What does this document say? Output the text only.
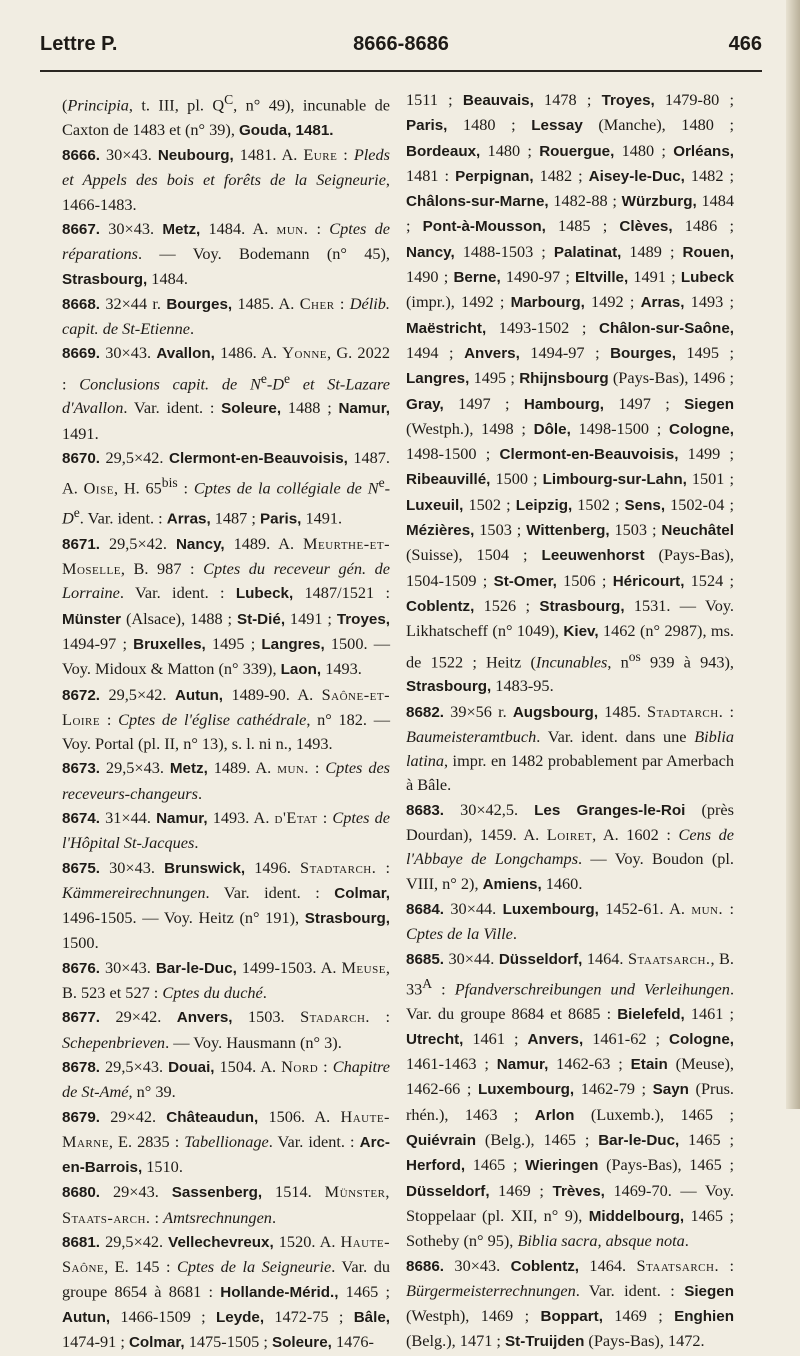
Lettre P.	8666-8686	466

(Principia, t. III, pl. $Q^C$, n° 49), incunable de Caxton de 1483 et (n° 39), Gouda, 1481.

8666. 30×43. Neubourg, 1481. A. Eure : Pleds et Appels des bois et forêts de la Seigneurie, 1466-1483.

8667. 30×43. Metz, 1484. A. mun. : Cptes de réparations. — Voy. Bodemann (n° 45), Strasbourg, 1484.

8668. 32×44 r. Bourges, 1485. A. Cher : Délib. capit. de St-Etienne.

8669. 30×43. Avallon, 1486. A. Yonne, G. 2022 : Conclusions capit. de $N^e-De$ et St-Lazare d'Avallon. Var. ident. : Soleure, 1488 ; Namur, 1491.

8670. 29,5×42. Clermont-en-Beauvoisis, 1487. A. Oise, H. $65^{bis}$ : Cptes de la collégiale de $N^e-De$. Var. ident. : Arras, 1487 ; Paris, 1491.

8671. 29,5×42. Nancy, 1489. A. Meurthe-et-Moselle, B. 987 : Cptes du receveur gén. de Lorraine. Var. ident. : Lubeck, 1487/1521 : Münster (Alsace), 1488 ; St-Dié, 1491 ; Troyes, 1494-97 ; Bruxelles, 1495 ; Langres, 1500. — Voy. Midoux & Matton (n° 339), Laon, 1493.

8672. 29,5×42. Autun, 1489-90. A. Saône-et-Loire : Cptes de l'église cathédrale, n° 182. — Voy. Portal (pl. II, n° 13), s. l. ni n., 1493.

8673. 29,5×43. Metz, 1489. A. mun. : Cptes des receveurs-changeurs.

8674. 31×44. Namur, 1493. A. d'Etat : Cptes de l'Hôpital St-Jacques.

8675. 30×43. Brunswick, 1496. Stadtarch. : Kämmereirechnungen. Var. ident. : Colmar, 1496-1505. — Voy. Heitz (n° 191), Strasbourg, 1500.

8676. 30×43. Bar-le-Duc, 1499-1503. A. Meuse, B. 523 et 527 : Cptes du duché.

8677. 29×42. Anvers, 1503. Stadarch. : Schepenbrieven. — Voy. Hausmann (n° 3).

8678. 29,5×43. Douai, 1504. A. Nord : Chapitre de St-Amé, n° 39.

8679. 29×42. Châteaudun, 1506. A. Haute-Marne, E. 2835 : Tabellionage. Var. ident. : Arc-en-Barrois, 1510.

8680. 29×43. Sassenberg, 1514. Münster, Staats-arch. : Amtsrechnungen.

8681. 29,5×42. Vellechevreux, 1520. A. Haute-Saône, E. 145 : Cptes de la Seigneurie. Var. du groupe 8654 à 8681 : Hollande-Mérid., 1465 ; Autun, 1466-1509 ; Leyde, 1472-75 ; Bâle, 1474-91 ; Colmar, 1475-1505 ; Soleure, 1476-

1511 ; Beauvais, 1478 ; Troyes, 1479-80 ; Paris, 1480 ; Lessay (Manche), 1480 ; Bordeaux, 1480 ; Rouergue, 1480 ; Orléans, 1481 : Perpignan, 1482 ; Aisey-le-Duc, 1482 ; Châlons-sur-Marne, 1482-88 ; Würzburg, 1484 ; Pont-à-Mousson, 1485 ; Clèves, 1486 ; Nancy, 1488-1503 ; Palatinat, 1489 ; Rouen, 1490 ; Berne, 1490-97 ; Eltville, 1491 ; Lubeck (impr.), 1492 ; Marbourg, 1492 ; Arras, 1493 ; Maëstricht, 1493-1502 ; Châlon-sur-Saône, 1494 ; Anvers, 1494-97 ; Bourges, 1495 ; Langres, 1495 ; Rhijnsbourg (Pays-Bas), 1496 ; Gray, 1497 ; Hambourg, 1497 ; Siegen (Westph.), 1498 ; Dôle, 1498-1500 ; Cologne, 1498-1500 ; Clermont-en-Beauvoisis, 1499 ; Ribeauvillé, 1500 ; Limbourg-sur-Lahn, 1501 ; Luxeuil, 1502 ; Leipzig, 1502 ; Sens, 1502-04 ; Mézières, 1503 ; Wittenberg, 1503 ; Neuchâtel (Suisse), 1504 ; Leeuwenhorst (Pays-Bas), 1504-1509 ; St-Omer, 1506 ; Héricourt, 1524 ; Coblentz, 1526 ; Strasbourg, 1531. — Voy. Likhatscheff (n° 1049), Kiev, 1462 (n° 2987), ms. de 1522 ; Heitz (Incunables, $n^{os}$ 939 à 943), Strasbourg, 1483-95.

8682. 39×56 r. Augsbourg, 1485. Stadtarch. : Baumeisteramtbuch. Var. ident. dans une Biblia latina, impr. en 1482 probablement par Amerbach à Bâle.

8683. 30×42,5. Les Granges-le-Roi (près Dourdan), 1459. A. Loiret, A. 1602 : Cens de l'Abbaye de Longchamps. — Voy. Boudon (pl. VIII, n° 2), Amiens, 1460.

8684. 30×44. Luxembourg, 1452-61. A. mun. : Cptes de la Ville.

8685. 30×44. Düsseldorf, 1464. Staatsarch., B. $33^A$ : Pfandverschreibungen und Verleihungen. Var. du groupe 8684 et 8685 : Bielefeld, 1461 ; Utrecht, 1461 ; Anvers, 1461-62 ; Cologne, 1461-1463 ; Namur, 1462-63 ; Etain (Meuse), 1462-66 ; Luxembourg, 1462-79 ; Sayn (Prus. rhén.), 1463 ; Arlon (Luxemb.), 1465 ; Quiévrain (Belg.), 1465 ; Bar-le-Duc, 1465 ; Herford, 1465 ; Wieringen (Pays-Bas), 1465 ; Düsseldorf, 1469 ; Trèves, 1469-70. — Voy. Stoppelaar (pl. XII, n° 9), Middelbourg, 1465 ; Sotheby (n° 95), Biblia sacra, absque nota.

8686. 30×43. Coblentz, 1464. Staatsarch. : Bürgermeisterrechnungen. Var. ident. : Siegen (Westph), 1469 ; Boppart, 1469 ; Enghien (Belg.), 1471 ; St-Truijden (Pays-Bas), 1472.
